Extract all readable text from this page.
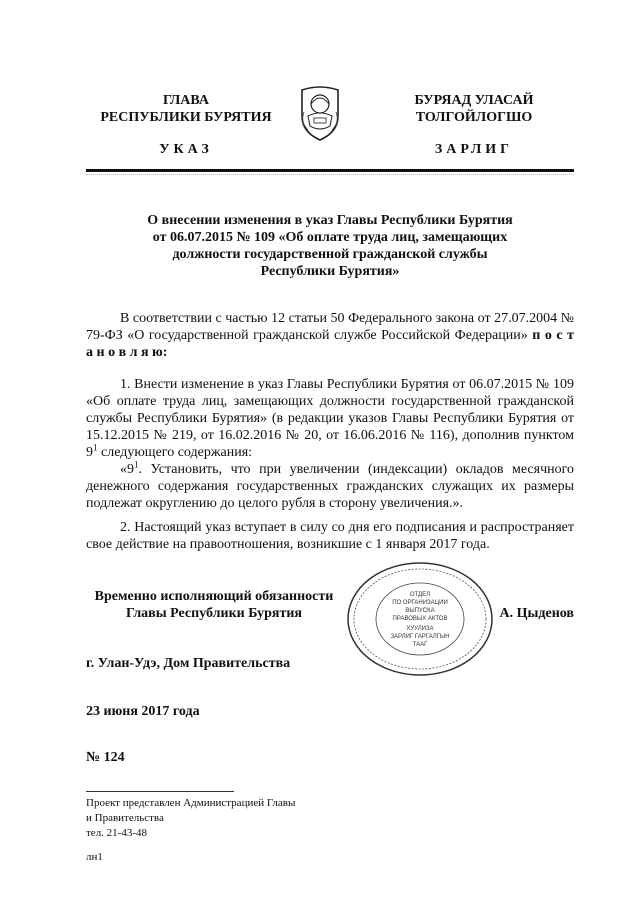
ГЛАВА
РЕСПУБЛИКИ БУРЯТИЯ
УКАЗ
БУРЯАД УЛАСАЙ
ТОЛГОЙЛОГШО
ЗАРЛИГ
О внесении изменения в указ Главы Республики Бурятия
от 06.07.2015 № 109 «Об оплате труда лиц, замещающих
должности государственной гражданской службы
Республики Бурятия»
В соответствии с частью 12 статьи 50 Федерального закона от 27.07.2004 № 79-ФЗ «О государственной гражданской службе Российской Федерации» п о с т а н о в л я ю:
1. Внести изменение в указ Главы Республики Бурятия от 06.07.2015 № 109 «Об оплате труда лиц, замещающих должности государственной гражданской службы Республики Бурятия» (в редакции указов Главы Республики Бурятия от 15.12.2015 № 219, от 16.02.2016 № 20, от 16.06.2016 № 116), дополнив пунктом $9^1$ следующего содержания:
«$9^1$. Установить, что при увеличении (индексации) окладов месячного денежного содержания государственных гражданских служащих их размеры подлежат округлению до целого рубля в сторону увеличения.».
2. Настоящий указ вступает в силу со дня его подписания и распространяет свое действие на правоотношения, возникшие с 1 января 2017 года.
Временно исполняющий обязанности
Главы Республики Бурятия	А. Цыденов
ОТДЕЛ
ПО ОРГАНИЗАЦИИ
ВЫПУСКА
ПРАВОВЫХ АКТОВ
ХУУЛИЗА
ЗАРЛИГ ГАРГАЛГЫН
ТААГ
г. Улан-Удэ, Дом Правительства
23 июня 2017 года
№ 124
Проект представлен Администрацией Главы
и Правительства
тел. 21-43-48
лн1
